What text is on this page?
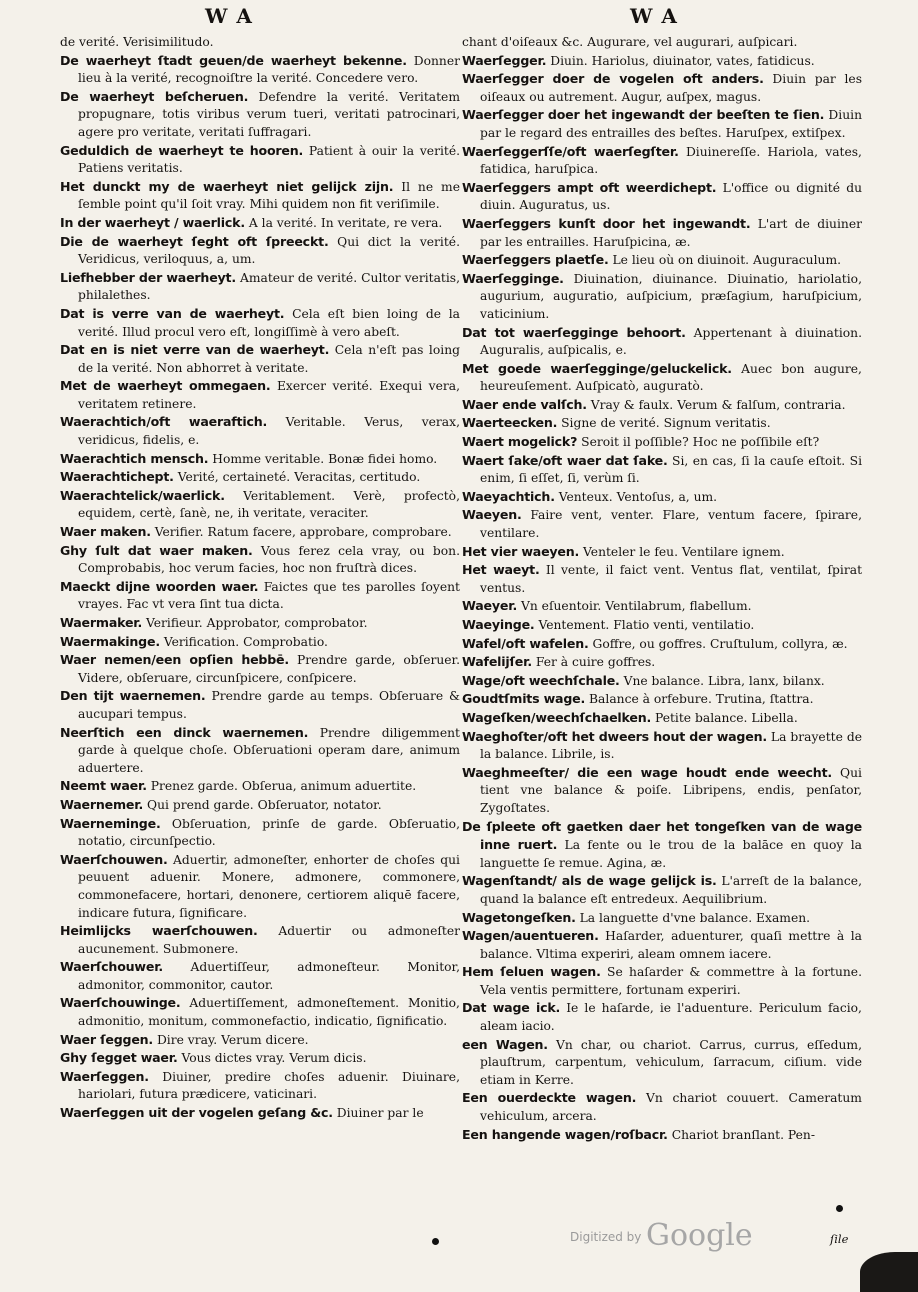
W A	W A

de verité. Verisimilitudo.

De waerheyt ſtadt geuen/de waerheyt bekenne. Donner lieu à la verité, recognoiſtre la verité. Concedere vero.

De waerheyt beſcheruen. Defendre la verité. Veritatem propugnare, totis viribus verum tueri, veritati patrocinari, agere pro veritate, veritati ſuffragari.

Geduldich de waerheyt te hooren. Patient à ouir la verité. Patiens veritatis.

Het dunckt my de waerheyt niet gelijck zijn. Il ne me ſemble point qu'il ſoit vray. Mihi quidem non fit veriſimile.

In der waerheyt / waerlick. A la verité. In veritate, re vera.

Die de waerheyt ſeght oft ſpreeckt. Qui dict la verité. Veridicus, veriloquus, a, um.

Liefhebber der waerheyt. Amateur de verité. Cultor veritatis, philalethes.

Dat is verre van de waerheyt. Cela eſt bien loing de la verité. Illud procul vero eſt, longiſſimè à vero abeſt.

Dat en is niet verre van de waerheyt. Cela n'eſt pas loing de la verité. Non abhorret à veritate.

Met de waerheyt ommegaen. Exercer verité. Exequi vera, veritatem retinere.

Waerachtich/oft waeraftich. Veritable. Verus, verax, veridicus, fidelis, e.

Waerachtich mensch. Homme veritable. Bonæ fidei homo.

Waerachtichept. Verité, certaineté. Veracitas, certitudo.

Waerachtelick/waerlick. Veritablement. Verè, profectò, equidem, certè, ſanè, ne, ih veritate, veraciter.

Waer maken. Verifier. Ratum facere, approbare, comprobare.

Ghy ſult dat waer maken. Vous ferez cela vray, ou bon. Comprobabis, hoc verum facies, hoc non fruſtrà dices.

Maeckt dijne woorden waer. Faictes que tes parolles ſoyent vrayes. Fac vt vera ſint tua dicta.

Waermaker. Verifieur. Approbator, comprobator.

Waermakinge. Verification. Comprobatio.

Waer nemen/een opſien hebbē. Prendre garde, obſeruer. Videre, obſeruare, circunſpicere, conſpicere.

Den tijt waernemen. Prendre garde au temps. Obſeruare & aucupari tempus.

Neerſtich een dinck waernemen. Prendre diligemment garde à quelque choſe. Obſeruationi operam dare, animum aduertere.

Neemt waer. Prenez garde. Obſerua, animum aduertite.

Waernemer. Qui prend garde. Obſeruator, notator.

Waernemingе. Obſeruation, prinſe de garde. Obſeruatio, notatio, circunſpectio.

Waerſchouwen. Aduertir, admoneſter, enhorter de choſes qui peuuent aduenir. Monere, admonere, commonere, commonefacere, hortari, denonere, certiorem aliquē facere, indicare futura, ſignificare.

Heimlijcks waerſchouwen. Aduertir ou admoneſter aucunement. Submonere.

Waerſchouwer. Aduertiſſeur, admoneſteur. Monitor, admonitor, commonitor, cautor.

Waerſchouwinge. Aduertiſſement, admoneſtement. Monitio, admonitio, monitum, commonefactio, indicatio, ſignificatio.

Waer ſeggen. Dire vray. Verum dicere.

Ghy ſegget waer. Vous dictes vray. Verum dicis.

Waerſeggen. Diuiner, predire choſes aduenir. Diuinare, hariolari, futura prædicere, vaticinari.

Waerſeggen uit der vogelen geſang &c. Diuiner par le

chant d'oiſeaux &c. Augurare, vel augurari, auſpicari.

Waerſegger. Diuin. Hariolus, diuinator, vates, fatidicus.

Waerſegger doer de vogelen oft anders. Diuin par les oiſeaux ou autrement. Augur, auſpex, magus.

Waerſegger doer het ingewandt der beeſten te ſien. Diuin par le regard des entrailles des beſtes. Haruſpex, extiſpex.

Waerſeggerſſe/oft waerſegſter. Diuinereſſe. Hariola, vates, fatidica, haruſpica.

Waerſeggers ampt oft weerdichept. L'office ou dignité du diuin. Auguratus, us.

Waerſeggers kunſt door het ingewandt. L'art de diuiner par les entrailles. Haruſpicina, æ.

Waerſeggers plaetſe. Le lieu où on diuinoit. Auguraculum.

Waerſegginge. Diuination, diuinance. Diuinatio, hariolatio, augurium, auguratio, auſpicium, præſagium, haruſpicium, vaticinium.

Dat tot waerſegginge behoort. Appertenant à diuination. Auguralis, auſpicalis, e.

Met goede waerſegginge/geluckelick. Auec bon augure, heureuſement. Auſpicatò, auguratò.

Waer ende valſch. Vray & faulx. Verum & falſum, contraria.

Waerteecken. Signe de verité. Signum veritatis.

Waert mogelick? Seroit il poſſible? Hoc ne poſſibile eſt?

Waert ſake/oft waer dat ſake. Si, en cas, ſi la cauſe eſtoit. Si enim, ſi eſſet, ſi, verùm ſi.

Waeyachtich. Venteux. Ventoſus, a, um.

Waeyen. Faire vent, venter. Flare, ventum facere, ſpirare, ventilare.

Het vier waeyen. Venteler le feu. Ventilare ignem.

Het waeyt. Il vente, il faict vent. Ventus flat, ventilat, ſpirat ventus.

Waeyer. Vn eſuentoir. Ventilabrum, flabellum.

Waeyinge. Ventement. Flatio venti, ventilatio.

Wafel/oft wafelen. Goffre, ou goffres. Cruſtulum, collyra, æ.

Wafelijſer. Fer à cuire goffres.

Wage/oft weechſchale. Vne balance. Libra, lanx, bilanx.

Goudtſmits wage. Balance à orfebure. Trutina, ſtattra.

Wageſken/weechſchaelken. Petite balance. Libella.

Waeghoſter/oft het dweers hout der wagen. La brayette de la balance. Librile, is.

Waeghmeeſter/ die een wage houdt ende weecht. Qui tient vne balance & poiſe. Libripens, endis, penſator, Zygoſtates.

De ſpleete oft gaetken daer het tongeſken van de wage inne ruert. La fente ou le trou de la balāce en quoy la languette ſe remue. Agina, æ.

Wagenſtandt/ als de wage gelijck is. L'arreſt de la balance, quand la balance eſt entredeux. Aequilibrium.

Wagetongeſken. La languette d'vne balance. Examen.

Wagen/auentueren. Haſarder, aduenturer, quaſi mettre à la balance. Vltima experiri, aleam omnem iacere.

Hem ſeluen wagen. Se haſarder & commettre à la fortune. Vela ventis permittere, fortunam experiri.

Dat wage ick. Ie le haſarde, ie l'aduenture. Periculum facio, aleam iacio.

een Wagen. Vn char, ou chariot. Carrus, currus, eſſedum, plauſtrum, carpentum, vehiculum, ſarracum, ciſium. vide etiam in Kerre.

Een ouerdeckte wagen. Vn chariot couuert. Cameratum vehiculum, arcera.

Een hangende wagen/roſbacr. Chariot branſlant. Pen-

ſile
Digitized by Google
